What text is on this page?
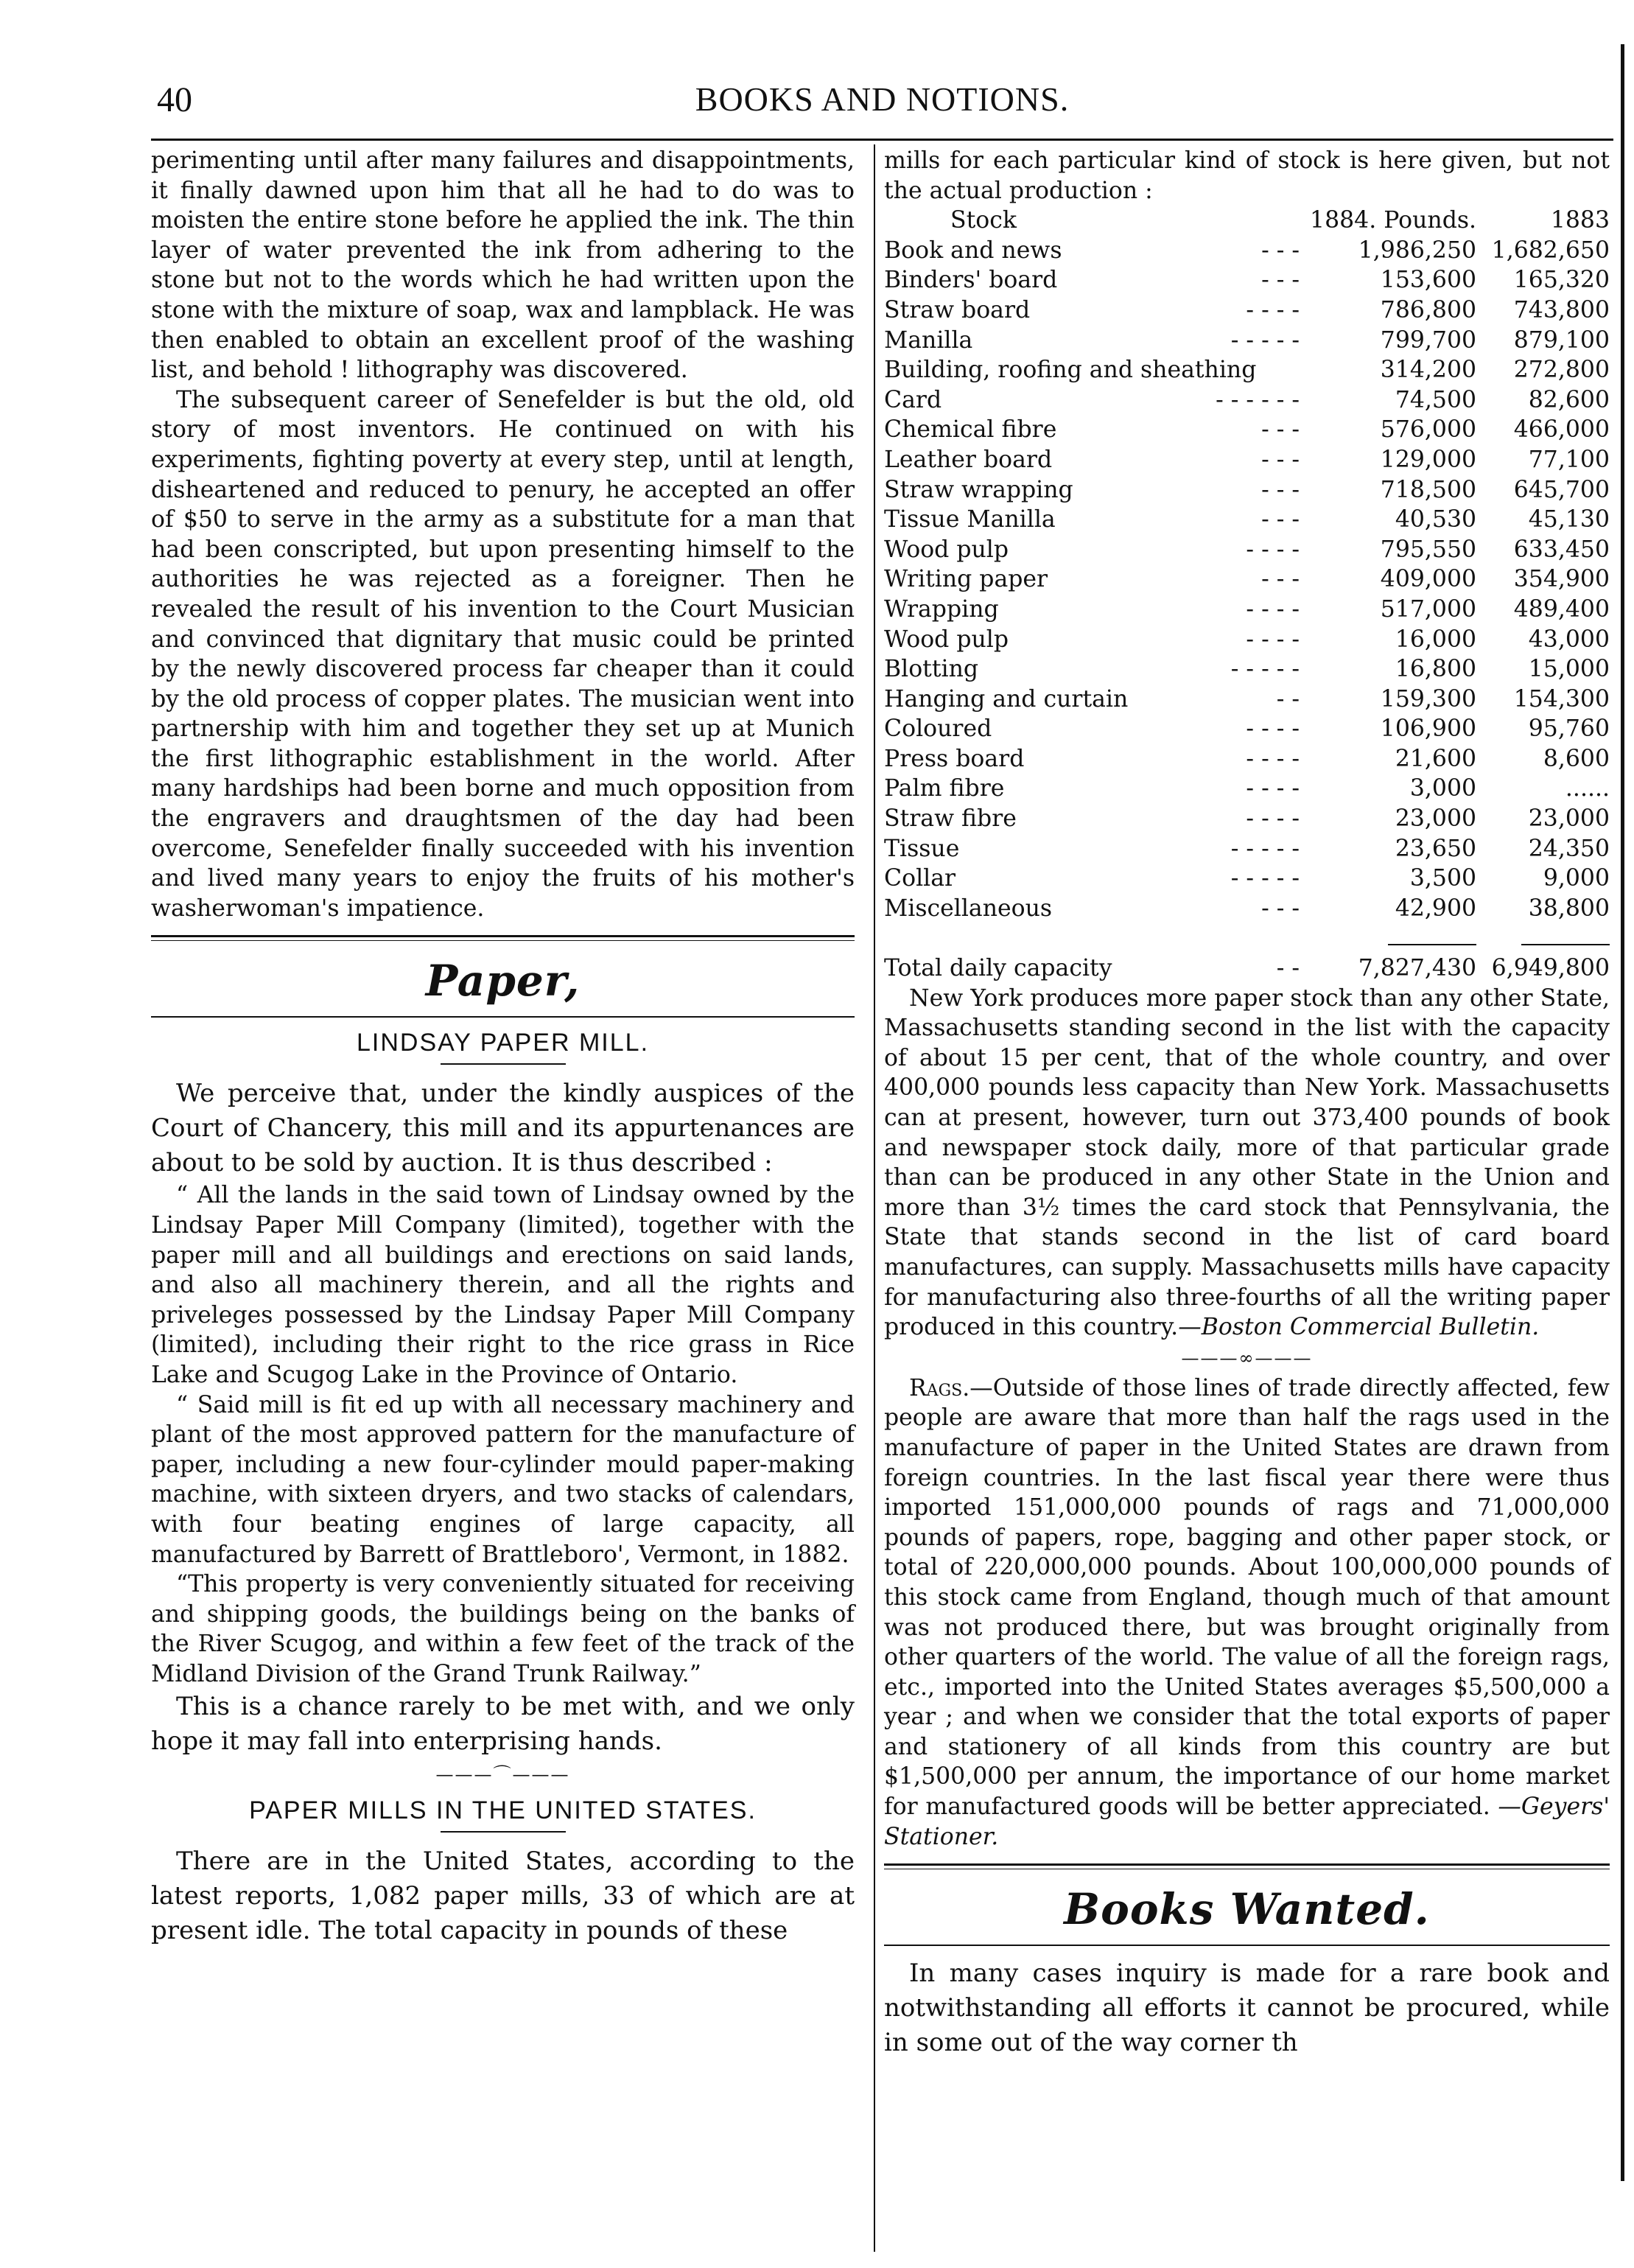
40	BOOKS AND NOTIONS.

perimenting until after many failures and disappointments, it finally dawned upon him that all he had to do was to moisten the entire stone before he applied the ink. The thin layer of water prevented the ink from adhering to the stone but not to the words which he had written upon the stone with the mixture of soap, wax and lampblack. He was then enabled to obtain an excellent proof of the washing list, and behold ! lithography was discovered.

The subsequent career of Senefelder is but the old, old story of most inventors. He continued on with his experiments, fighting poverty at every step, until at length, disheartened and reduced to penury, he accepted an offer of $50 to serve in the army as a substitute for a man that had been conscripted, but upon presenting himself to the authorities he was rejected as a foreigner. Then he revealed the result of his invention to the Court Musician and convinced that dignitary that music could be printed by the newly discovered process far cheaper than it could by the old process of copper plates. The musician went into partnership with him and together they set up at Munich the first lithographic establishment in the world. After many hardships had been borne and much opposition from the engravers and draughtsmen of the day had been overcome, Senefelder finally succeeded with his invention and lived many years to enjoy the fruits of his mother's washerwoman's impatience.

Paper,
LINDSAY PAPER MILL.

We perceive that, under the kindly auspices of the Court of Chancery, this mill and its appurtenances are about to be sold by auction. It is thus described :

“ All the lands in the said town of Lindsay owned by the Lindsay Paper Mill Company (limited), together with the paper mill and all buildings and erections on said lands, and also all machinery therein, and all the rights and priveleges possessed by the Lindsay Paper Mill Company (limited), including their right to the rice grass in Rice Lake and Scugog Lake in the Province of Ontario.

“ Said mill is fit ed up with all necessary machinery and plant of the most approved pattern for the manufacture of paper, including a new four-cylinder mould paper-making machine, with sixteen dryers, and two stacks of calendars, with four beating engines of large capacity, all manufactured by Barrett of Brattleboro', Vermont, in 1882.

“This property is very conveniently situated for receiving and shipping goods, the buildings being on the banks of the River Scugog, and within a few feet of the track of the Midland Division of the Grand Trunk Railway.”

This is a chance rarely to be met with, and we only hope it may fall into enterprising hands.

———⌒———
PAPER MILLS IN THE UNITED STATES.

There are in the United States, according to the latest reports, 1,082 paper mills, 33 of which are at present idle. The total capacity in pounds of these

mills for each particular kind of stock is here given, but not the actual production :

Stock	1884. Pounds.	1883
Book and news - - -	1,986,250	1,682,650
Binders' board - - -	153,600	165,320
Straw board - - - -	786,800	743,800
Manilla - - - - -	799,700	879,100
Building, roofing and sheathing	314,200	272,800
Card - - - - - -	74,500	82,600
Chemical fibre - - -	576,000	466,000
Leather board - - -	129,000	77,100
Straw wrapping - - -	718,500	645,700
Tissue Manilla - - -	40,530	45,130
Wood pulp - - - -	795,550	633,450
Writing paper - - -	409,000	354,900
Wrapping - - - -	517,000	489,400
Wood pulp - - - -	16,000	43,000
Blotting - - - - -	16,800	15,000
Hanging and curtain - -	159,300	154,300
Coloured - - - -	106,900	95,760
Press board - - - -	21,600	8,600
Palm fibre - - - -	3,000	......
Straw fibre - - - -	23,000	23,000
Tissue - - - - -	23,650	24,350
Collar - - - - -	3,500	9,000
Miscellaneous - - -	42,900	38,800

Total daily capacity - -	7,827,430	6,949,800

New York produces more paper stock than any other State, Massachusetts standing second in the list with the capacity of about 15 per cent, that of the whole country, and over 400,000 pounds less capacity than New York. Massachusetts can at present, however, turn out 373,400 pounds of book and newspaper stock daily, more of that particular grade than can be produced in any other State in the Union and more than 3½ times the card stock that Pennsylvania, the State that stands second in the list of card board manufactures, can supply. Massachusetts mills have capacity for manufacturing also three-fourths of all the writing paper produced in this country.—Boston Commercial Bulletin.

———∞———

Rags.—Outside of those lines of trade directly affected, few people are aware that more than half the rags used in the manufacture of paper in the United States are drawn from foreign countries. In the last fiscal year there were thus imported 151,000,000 pounds of rags and 71,000,000 pounds of papers, rope, bagging and other paper stock, or total of 220,000,000 pounds. About 100,000,000 pounds of this stock came from England, though much of that amount was not produced there, but was brought originally from other quarters of the world. The value of all the foreign rags, etc., imported into the United States averages $5,500,000 a year ; and when we consider that the total exports of paper and stationery of all kinds from this country are but $1,500,000 per annum, the importance of our home market for manufactured goods will be better appreciated. —Geyers' Stationer.

Books Wanted.

In many cases inquiry is made for a rare book and notwithstanding all efforts it cannot be procured, while in some out of the way corner th
